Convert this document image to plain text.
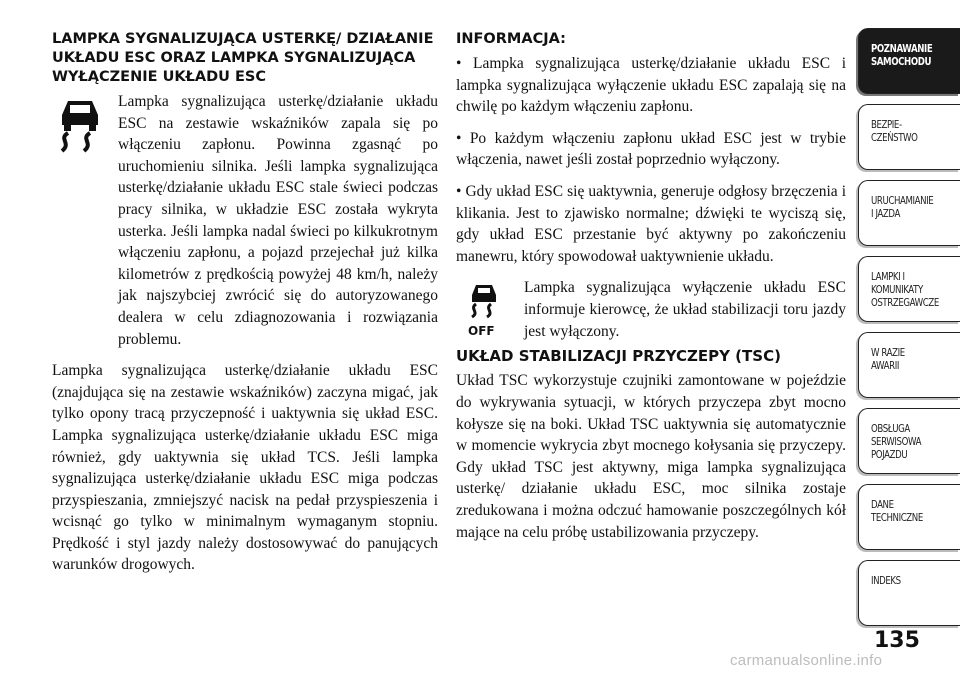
LAMPKA SYGNALIZUJĄCA USTERKĘ/ DZIAŁANIE UKŁADU ESC ORAZ LAMPKA SYGNALIZUJĄCA WYŁĄCZENIE UKŁADU ESC

Lampka sygnalizująca usterkę/działanie układu ESC na zestawie wskaźników zapala się po włączeniu zapłonu. Powinna zgasnąć po uruchomieniu silnika. Jeśli lampka sygnalizująca usterkę/działanie układu ESC stale świeci podczas pracy silnika, w układzie ESC została wykryta usterka. Jeśli lampka nadal świeci po kilkukrotnym włączeniu zapłonu, a pojazd przejechał już kilka kilometrów z prędkością powyżej 48 km/h, należy jak najszybciej zwrócić się do autoryzowanego dealera w celu zdiagnozowania i rozwiązania problemu.

Lampka sygnalizująca usterkę/działanie układu ESC (znajdująca się na zestawie wskaźników) zaczyna migać, jak tylko opony tracą przyczepność i uaktywnia się układ ESC. Lampka sygnalizująca usterkę/działanie układu ESC miga również, gdy uaktywnia się układ TCS. Jeśli lampka sygnalizująca usterkę/działanie układu ESC miga podczas przyspieszania, zmniejszyć nacisk na pedał przyspieszenia i wcisnąć go tylko w minimalnym wymaganym stopniu. Prędkość i styl jazdy należy dostosowywać do panujących warunków drogowych.

INFORMACJA:

• Lampka sygnalizująca usterkę/działanie układu ESC i lampka sygnalizująca wyłączenie układu ESC zapalają się na chwilę po każdym włączeniu zapłonu.

• Po każdym włączeniu zapłonu układ ESC jest w trybie włączenia, nawet jeśli został poprzednio wyłączony.

• Gdy układ ESC się uaktywnia, generuje odgłosy brzęczenia i klikania. Jest to zjawisko normalne; dźwięki te wyciszą się, gdy układ ESC przestanie być aktywny po zakończeniu manewru, który spowodował uaktywnienie układu.

OFF

Lampka sygnalizująca wyłączenie układu ESC informuje kierowcę, że układ stabilizacji toru jazdy jest wyłączony.

UKŁAD STABILIZACJI PRZYCZEPY (TSC)

Układ TSC wykorzystuje czujniki zamontowane w pojeździe do wykrywania sytuacji, w których przyczepa zbyt mocno kołysze się na boki. Układ TSC uaktywnia się automatycznie w momencie wykrycia zbyt mocnego kołysania się przyczepy. Gdy układ TSC jest aktywny, miga lampka sygnalizująca usterkę/ działanie układu ESC, moc silnika zostaje zredukowana i można odczuć hamowanie poszczególnych kół mające na celu próbę ustabilizowania przyczepy.

POZNAWANIE
SAMOCHODU
BEZPIE-
CZEŃSTWO
URUCHAMIANIE
I JAZDA
LAMPKI I
KOMUNIKATY
OSTRZEGAWCZE
W RAZIE
AWARII
OBSŁUGA
SERWISOWA
POJAZDU
DANE
TECHNICZNE
INDEKS
135
carmanualsonline.info
